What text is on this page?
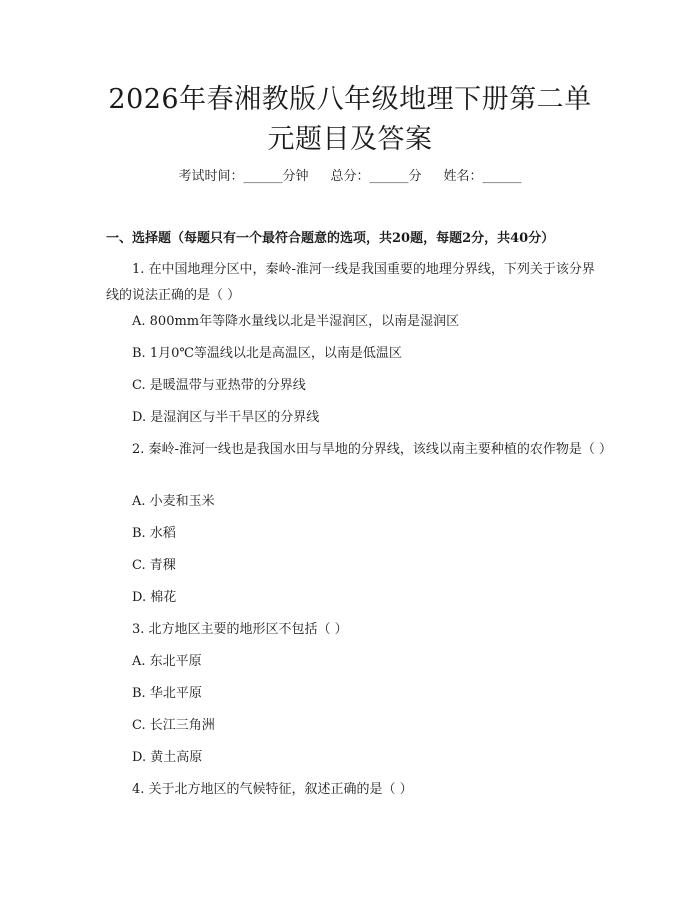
2026年春湘教版八年级地理下册第二单元题目及答案
考试时间：______分钟 总分：______分 姓名：______
一、选择题（每题只有一个最符合题意的选项，共20题，每题2分，共40分）
1. 在中国地理分区中，秦岭-淮河一线是我国重要的地理分界线，下列关于该分界线的说法正确的是（ ）
A. 800mm年等降水量线以北是半湿润区，以南是湿润区
B. 1月0℃等温线以北是高温区，以南是低温区
C. 是暖温带与亚热带的分界线
D. 是湿润区与半干旱区的分界线
2. 秦岭-淮河一线也是我国水田与旱地的分界线，该线以南主要种植的农作物是（ ）
A. 小麦和玉米
B. 水稻
C. 青稞
D. 棉花
3. 北方地区主要的地形区不包括（ ）
A. 东北平原
B. 华北平原
C. 长江三角洲
D. 黄土高原
4. 关于北方地区的气候特征，叙述正确的是（ ）
